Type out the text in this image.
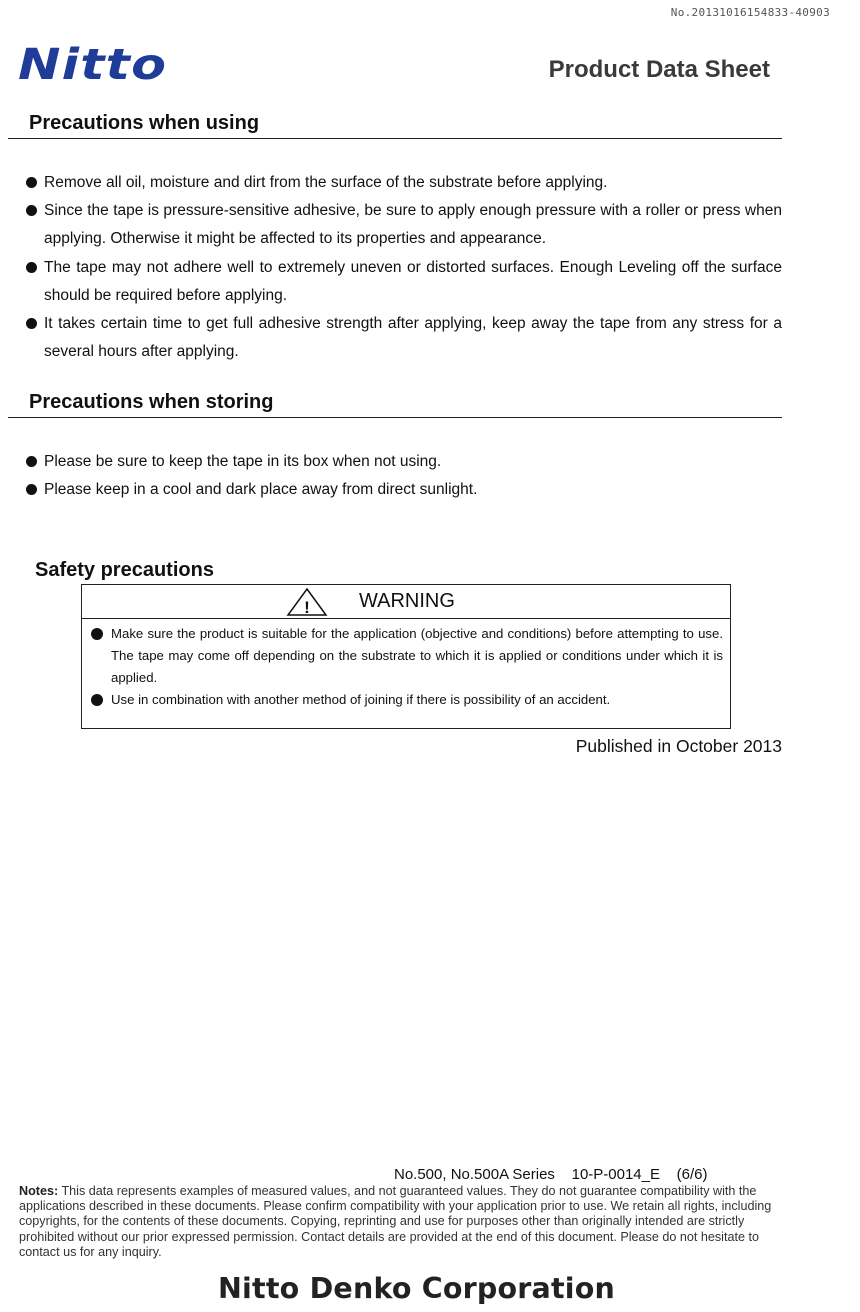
No.20131016154833-40903
Nitto	Product Data Sheet
Precautions when using
Remove all oil, moisture and dirt from the surface of the substrate before applying.
Since the tape is pressure-sensitive adhesive, be sure to apply enough pressure with a roller or press when applying. Otherwise it might be affected to its properties and appearance.
The tape may not adhere well to extremely uneven or distorted surfaces. Enough Leveling off the surface should be required before applying.
It takes certain time to get full adhesive strength after applying, keep away the tape from any stress for a several hours after applying.
Precautions when storing
Please be sure to keep the tape in its box when not using.
Please keep in a cool and dark place away from direct sunlight.
Safety precautions
! WARNING
Make sure the product is suitable for the application (objective and conditions) before attempting to use. The tape may come off depending on the substrate to which it is applied or conditions under which it is applied.
Use in combination with another method of joining if there is possibility of an accident.
Published in October 2013
No.500, No.500A Series    10-P-0014_E    (6/6)
Notes: This data represents examples of measured values, and not guaranteed values. They do not guarantee compatibility with the applications described in these documents. Please confirm compatibility with your application prior to use. We retain all rights, including copyrights, for the contents of these documents. Copying, reprinting and use for purposes other than originally intended are strictly prohibited without our prior expressed permission. Contact details are provided at the end of this document. Please do not hesitate to contact us for any inquiry.
Nitto Denko Corporation
